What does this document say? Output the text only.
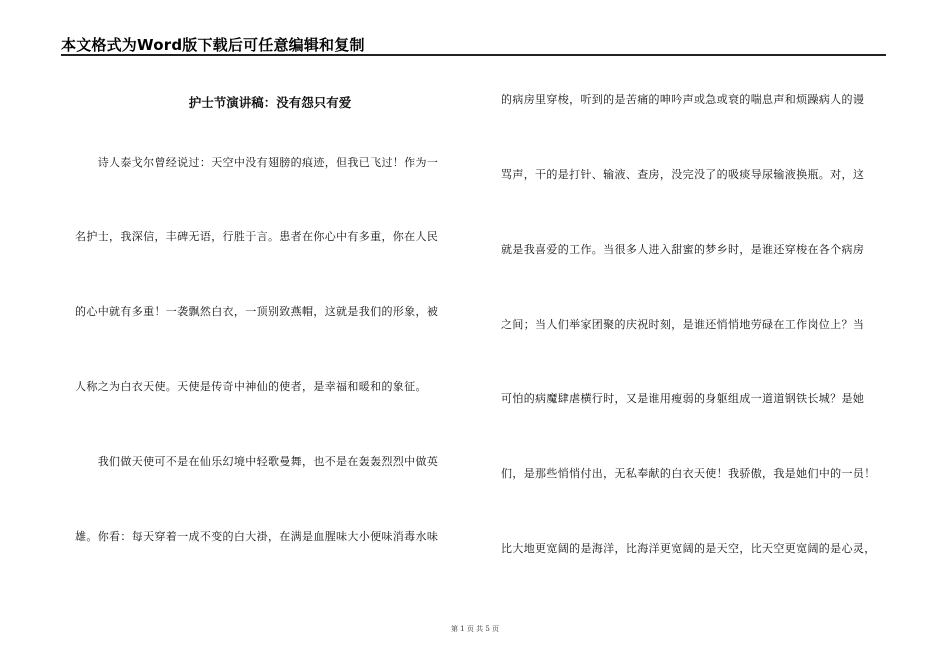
本文格式为Word版下载后可任意编辑和复制
护士节演讲稿：没有怨只有爱
　　诗人泰戈尔曾经说过：天空中没有翅膀的痕迹，但我已飞过！作为一
名护士，我深信，丰碑无语，行胜于言。患者在你心中有多重，你在人民
的心中就有多重！一袭飘然白衣，一顶别致燕帽，这就是我们的形象，被
人称之为白衣天使。天使是传奇中神仙的使者，是幸福和暖和的象征。
　　我们做天使可不是在仙乐幻境中轻歌曼舞，也不是在轰轰烈烈中做英
雄。你看：每天穿着一成不变的白大褂，在满是血腥味大小便味消毒水味
的病房里穿梭，听到的是苦痛的呻吟声或急或衰的喘息声和烦躁病人的谩
骂声，干的是打针、输液、查房，没完没了的吸痰导尿输液换瓶。对，这
就是我喜爱的工作。当很多人进入甜蜜的梦乡时，是谁还穿梭在各个病房
之间；当人们举家团聚的庆祝时刻，是谁还悄悄地劳碌在工作岗位上？当
可怕的病魔肆虐横行时，又是谁用瘦弱的身躯组成一道道钢铁长城？是她
们，是那些悄悄付出，无私奉献的白衣天使！我骄傲，我是她们中的一员！
比大地更宽阔的是海洋，比海洋更宽阔的是天空，比天空更宽阔的是心灵，
第 1 页 共 5 页
